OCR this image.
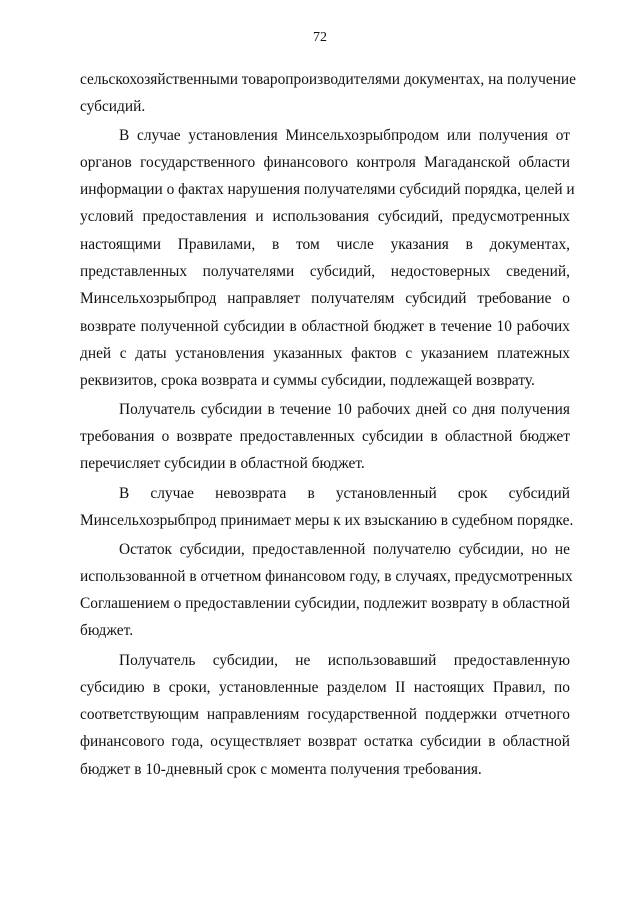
72
сельскохозяйственными товаропроизводителями документах, на получение
субсидий.
В случае установления Минсельхозрыбпродом или получения от
органов государственного финансового контроля Магаданской области
информации о фактах нарушения получателями субсидий порядка, целей и
условий предоставления и использования субсидий, предусмотренных
настоящими Правилами, в том числе указания в документах,
представленных получателями субсидий, недостоверных сведений,
Минсельхозрыбпрод направляет получателям субсидий требование о
возврате полученной субсидии в областной бюджет в течение 10 рабочих
дней с даты установления указанных фактов с указанием платежных
реквизитов, срока возврата и суммы субсидии, подлежащей возврату.
Получатель субсидии в течение 10 рабочих дней со дня получения
требования о возврате предоставленных субсидии в областной бюджет
перечисляет субсидии в областной бюджет.
В случае невозврата в установленный срок субсидий
Минсельхозрыбпрод принимает меры к их взысканию в судебном порядке.
Остаток субсидии, предоставленной получателю субсидии, но не
использованной в отчетном финансовом году, в случаях, предусмотренных
Соглашением о предоставлении субсидии, подлежит возврату в областной
бюджет.
Получатель субсидии, не использовавший предоставленную
субсидию в сроки, установленные разделом II настоящих Правил, по
соответствующим направлениям государственной поддержки отчетного
финансового года, осуществляет возврат остатка субсидии в областной
бюджет в 10-дневный срок с момента получения требования.
